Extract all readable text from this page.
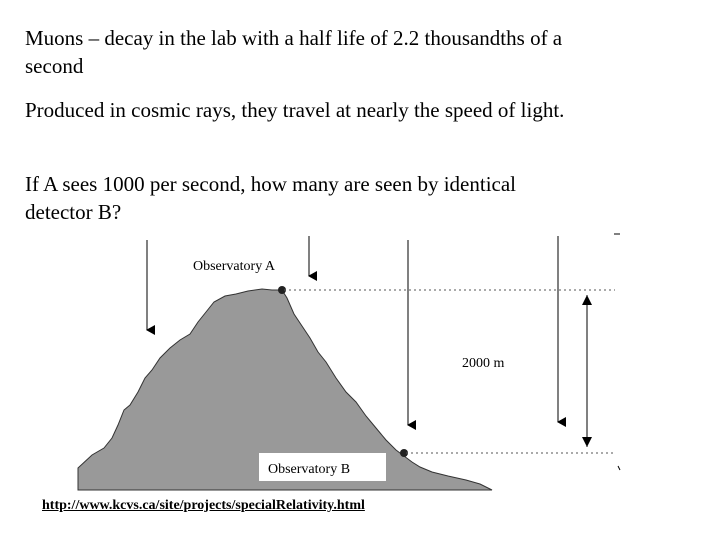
Muons – decay in the lab with a half life of 2.2 thousandths of a second

Produced in cosmic rays, they travel at nearly the speed of light.

If A sees 1000 per second, how many are seen by identical detector B?

Observatory A
2000 m
Observatory B
http://www.kcvs.ca/site/projects/specialRelativity.html
